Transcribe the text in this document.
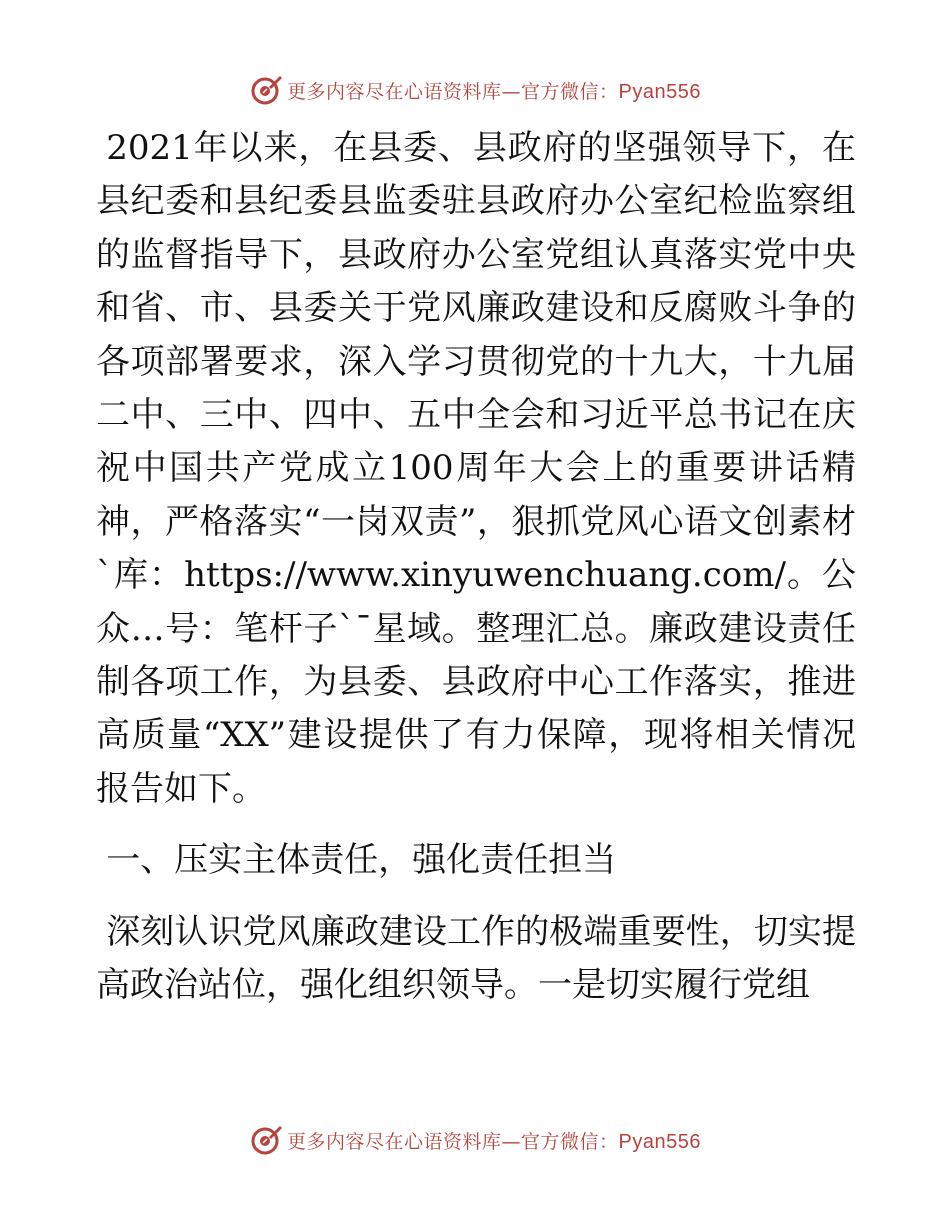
更多内容尽在心语资料库—官方微信：Pyan556

2021年以来，在县委、县政府的坚强领导下，在县纪委和县纪委县监委驻县政府办公室纪检监察组的监督指导下，县政府办公室党组认真落实党中央和省、市、县委关于党风廉政建设和反腐败斗争的各项部署要求，深入学习贯彻党的十九大，十九届二中、三中、四中、五中全会和习近平总书记在庆祝中国共产党成立100周年大会上的重要讲话精神，严格落实“一岗双责”，狠抓党风心语文创素材`库：https://www.xinyuwenchuang.com/。公众…号：笔杆子`¯星域。整理汇总。廉政建设责任制各项工作，为县委、县政府中心工作落实，推进高质量“XX”建设提供了有力保障，现将相关情况报告如下。

一、压实主体责任，强化责任担当

深刻认识党风廉政建设工作的极端重要性，切实提高政治站位，强化组织领导。一是切实履行党组

更多内容尽在心语资料库—官方微信：Pyan556
